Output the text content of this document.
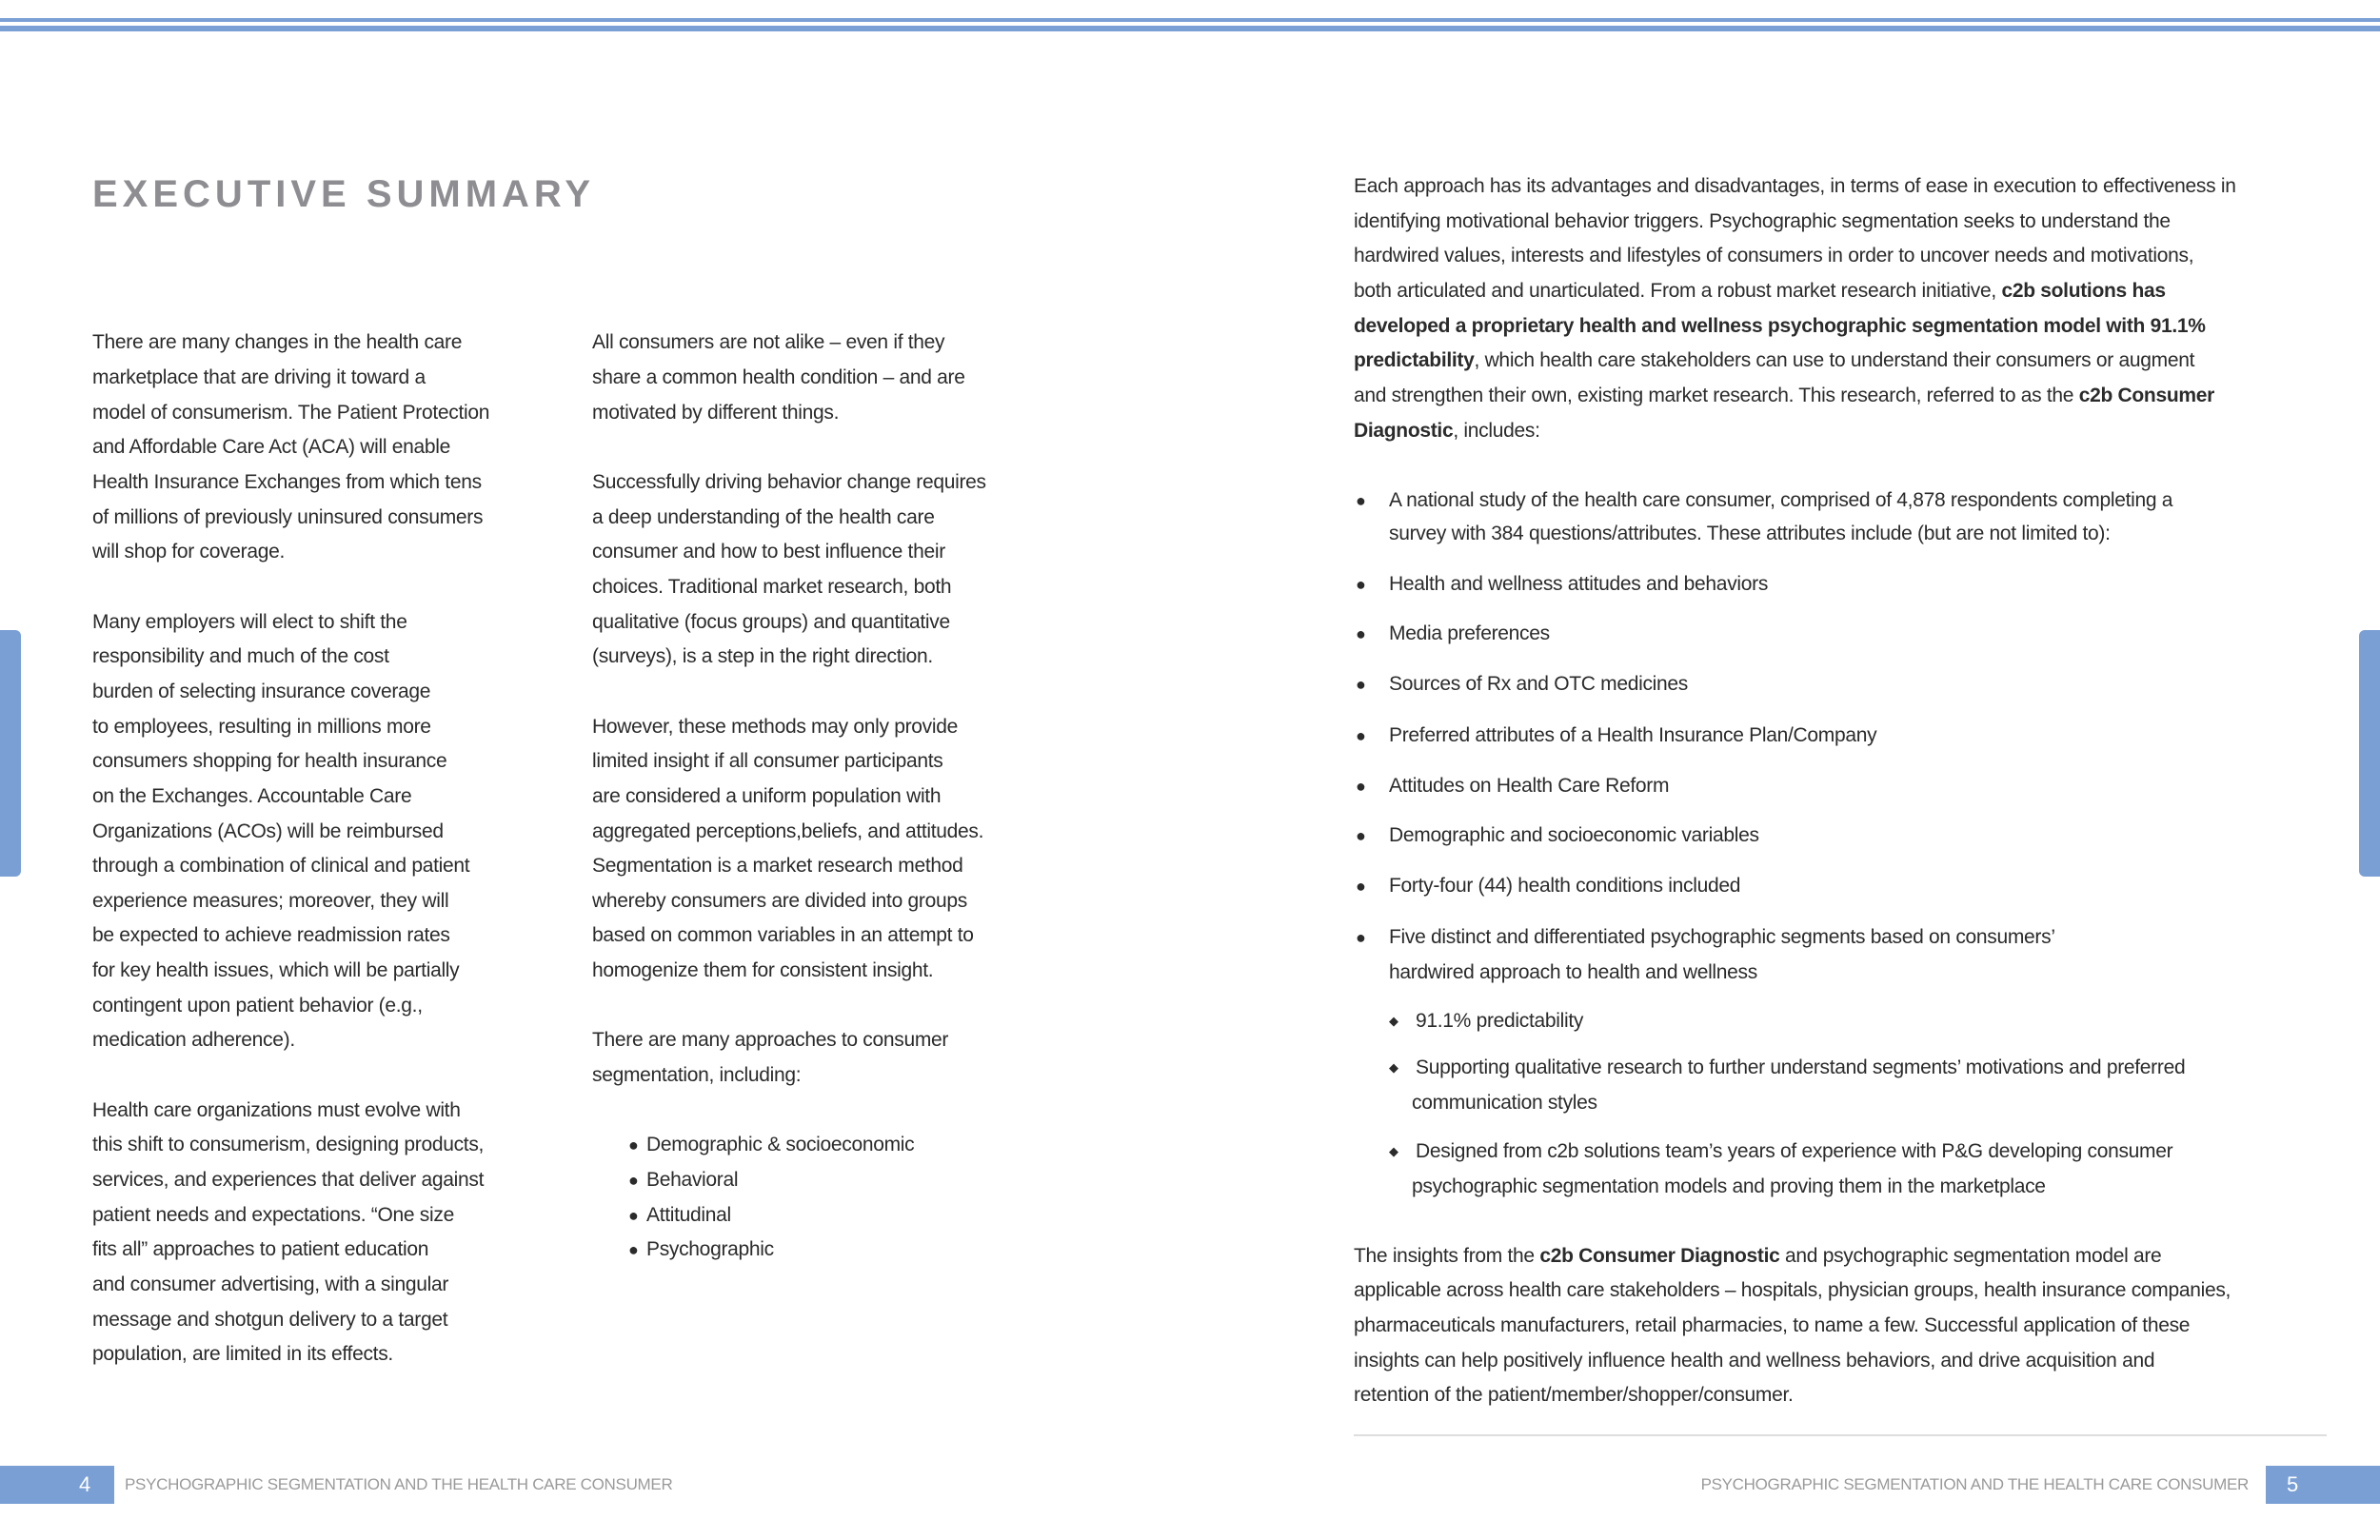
EXECUTIVE SUMMARY
There are many changes in the health care
marketplace that are driving it toward a
model of consumerism. The Patient Protection
and Affordable Care Act (ACA) will enable
Health Insurance Exchanges from which tens
of millions of previously uninsured consumers
will shop for coverage.
Many employers will elect to shift the
responsibility and much of the cost
burden of selecting insurance coverage
to employees, resulting in millions more
consumers shopping for health insurance
on the Exchanges. Accountable Care
Organizations (ACOs) will be reimbursed
through a combination of clinical and patient
experience measures; moreover, they will
be expected to achieve readmission rates
for key health issues, which will be partially
contingent upon patient behavior (e.g.,
medication adherence).
Health care organizations must evolve with
this shift to consumerism, designing products,
services, and experiences that deliver against
patient needs and expectations. “One size
fits all” approaches to patient education
and consumer advertising, with a singular
message and shotgun delivery to a target
population, are limited in its effects.
All consumers are not alike – even if they
share a common health condition – and are
motivated by different things.
Successfully driving behavior change requires
a deep understanding of the health care
consumer and how to best influence their
choices. Traditional market research, both
qualitative (focus groups) and quantitative
(surveys), is a step in the right direction.
However, these methods may only provide
limited insight if all consumer participants
are considered a uniform population with
aggregated perceptions,beliefs, and attitudes.
Segmentation is a market research method
whereby consumers are divided into groups
based on common variables in an attempt to
homogenize them for consistent insight.
There are many approaches to consumer
segmentation, including:
● Demographic & socioeconomic
● Behavioral
● Attitudinal
● Psychographic
Each approach has its advantages and disadvantages, in terms of ease in execution to effectiveness in
identifying motivational behavior triggers. Psychographic segmentation seeks to understand the
hardwired values, interests and lifestyles of consumers in order to uncover needs and motivations,
both articulated and unarticulated. From a robust market research initiative, c2b solutions has
developed a proprietary health and wellness psychographic segmentation model with 91.1%
predictability, which health care stakeholders can use to understand their consumers or augment
and strengthen their own, existing market research. This research, referred to as the c2b Consumer
Diagnostic, includes:
● A national study of the health care consumer, comprised of 4,878 respondents completing a
survey with 384 questions/attributes. These attributes include (but are not limited to):
● Health and wellness attitudes and behaviors
● Media preferences
● Sources of Rx and OTC medicines
● Preferred attributes of a Health Insurance Plan/Company
● Attitudes on Health Care Reform
● Demographic and socioeconomic variables
● Forty-four (44) health conditions included
● Five distinct and differentiated psychographic segments based on consumers’
hardwired approach to health and wellness
◆ 91.1% predictability
◆ Supporting qualitative research to further understand segments’ motivations and preferred
communication styles
◆ Designed from c2b solutions team’s years of experience with P&G developing consumer
psychographic segmentation models and proving them in the marketplace
The insights from the c2b Consumer Diagnostic and psychographic segmentation model are
applicable across health care stakeholders – hospitals, physician groups, health insurance companies,
pharmaceuticals manufacturers, retail pharmacies, to name a few. Successful application of these
insights can help positively influence health and wellness behaviors, and drive acquisition and
retention of the patient/member/shopper/consumer.
4 PSYCHOGRAPHIC SEGMENTATION AND THE HEALTH CARE CONSUMER	PSYCHOGRAPHIC SEGMENTATION AND THE HEALTH CARE CONSUMER 5
